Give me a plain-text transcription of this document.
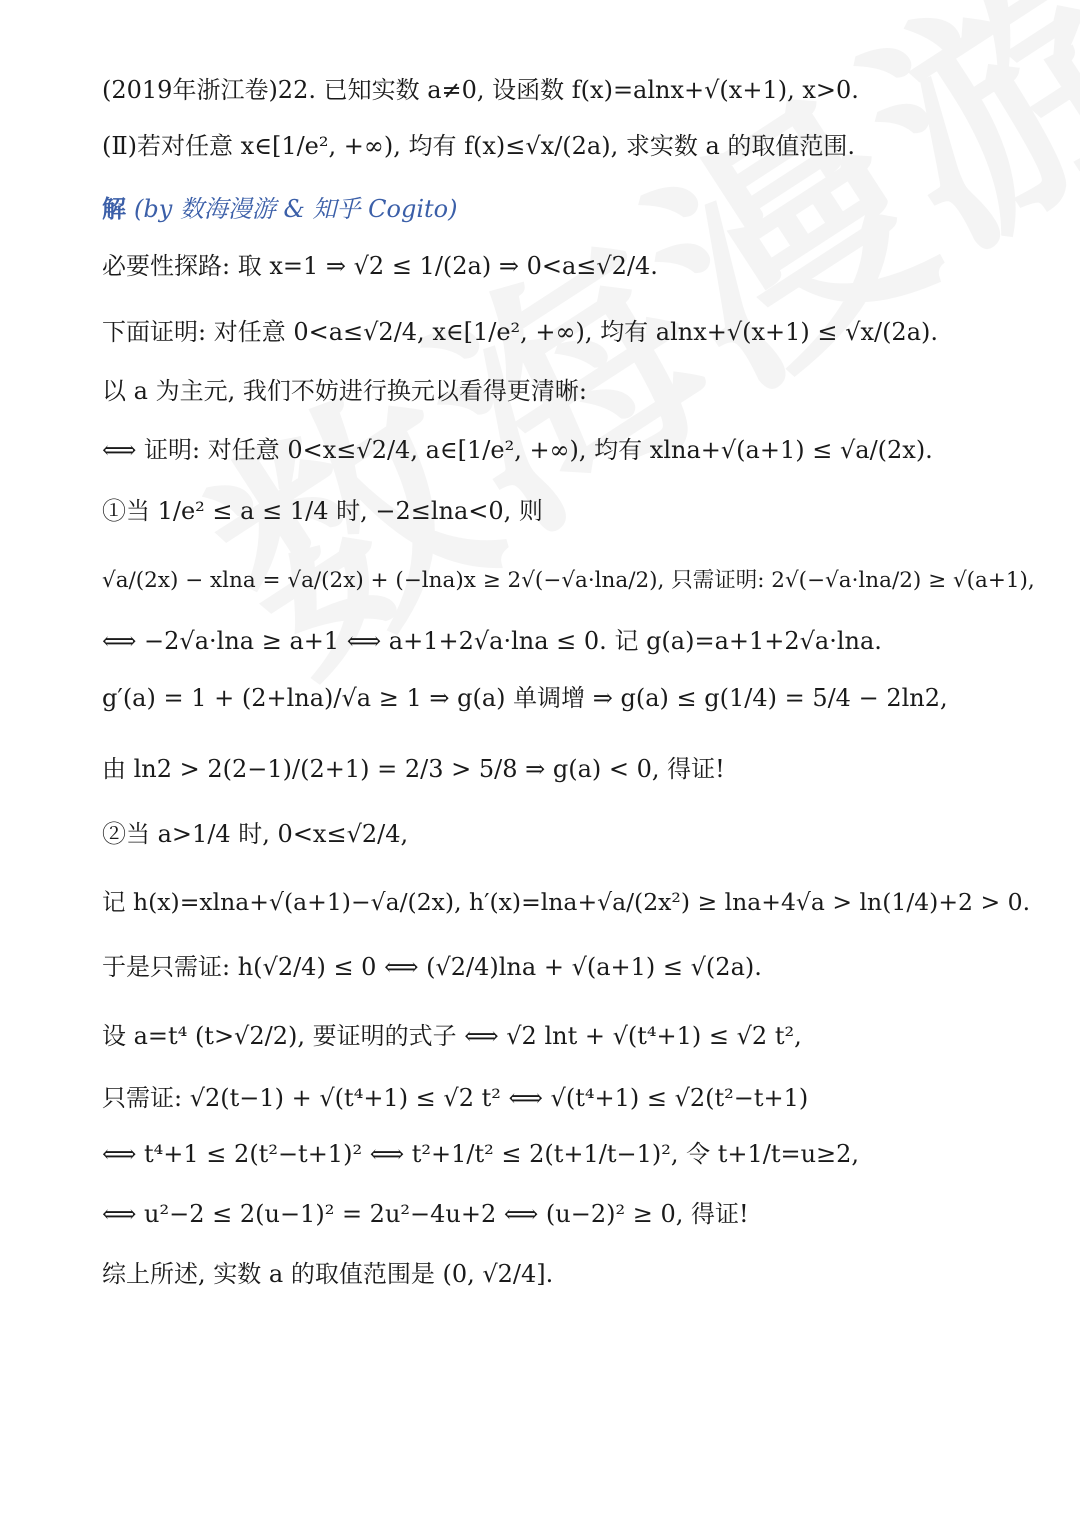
(2019年浙江卷)22. 已知实数 a≠0, 设函数 f(x)=alnx+√(x+1), x>0.
(Ⅱ)若对任意 x∈[1/e², +∞), 均有 f(x)≤√x/(2a), 求实数 a 的取值范围.
解 (by 数海漫游 & 知乎 Cogito)
必要性探路: 取 x=1 ⇒ √2 ≤ 1/(2a) ⇒ 0<a≤√2/4.
下面证明: 对任意 0<a≤√2/4, x∈[1/e², +∞), 均有 alnx+√(x+1) ≤ √x/(2a).
以 a 为主元, 我们不妨进行换元以看得更清晰:
⟺ 证明: 对任意 0<x≤√2/4, a∈[1/e², +∞), 均有 xlna+√(a+1) ≤ √a/(2x).
①当 1/e² ≤ a ≤ 1/4 时, −2≤lna<0, 则
√a/(2x) − xlna = √a/(2x) + (−lna)x ≥ 2√(−√a·lna/2), 只需证明: 2√(−√a·lna/2) ≥ √(a+1),
⟺ −2√a·lna ≥ a+1 ⟺ a+1+2√a·lna ≤ 0. 记 g(a)=a+1+2√a·lna.
g′(a) = 1 + (2+lna)/√a ≥ 1 ⇒ g(a) 单调增 ⇒ g(a) ≤ g(1/4) = 5/4 − 2ln2,
由 ln2 > 2(2−1)/(2+1) = 2/3 > 5/8 ⇒ g(a) < 0, 得证!
②当 a>1/4 时, 0<x≤√2/4,
记 h(x)=xlna+√(a+1)−√a/(2x), h′(x)=lna+√a/(2x²) ≥ lna+4√a > ln(1/4)+2 > 0.
于是只需证: h(√2/4) ≤ 0 ⟺ (√2/4)lna + √(a+1) ≤ √(2a).
设 a=t⁴ (t>√2/2), 要证明的式子 ⟺ √2 lnt + √(t⁴+1) ≤ √2 t²,
只需证: √2(t−1) + √(t⁴+1) ≤ √2 t² ⟺ √(t⁴+1) ≤ √2(t²−t+1)
⟺ t⁴+1 ≤ 2(t²−t+1)² ⟺ t²+1/t² ≤ 2(t+1/t−1)², 令 t+1/t=u≥2,
⟺ u²−2 ≤ 2(u−1)² = 2u²−4u+2 ⟺ (u−2)² ≥ 0, 得证!
综上所述, 实数 a 的取值范围是 (0, √2/4].
